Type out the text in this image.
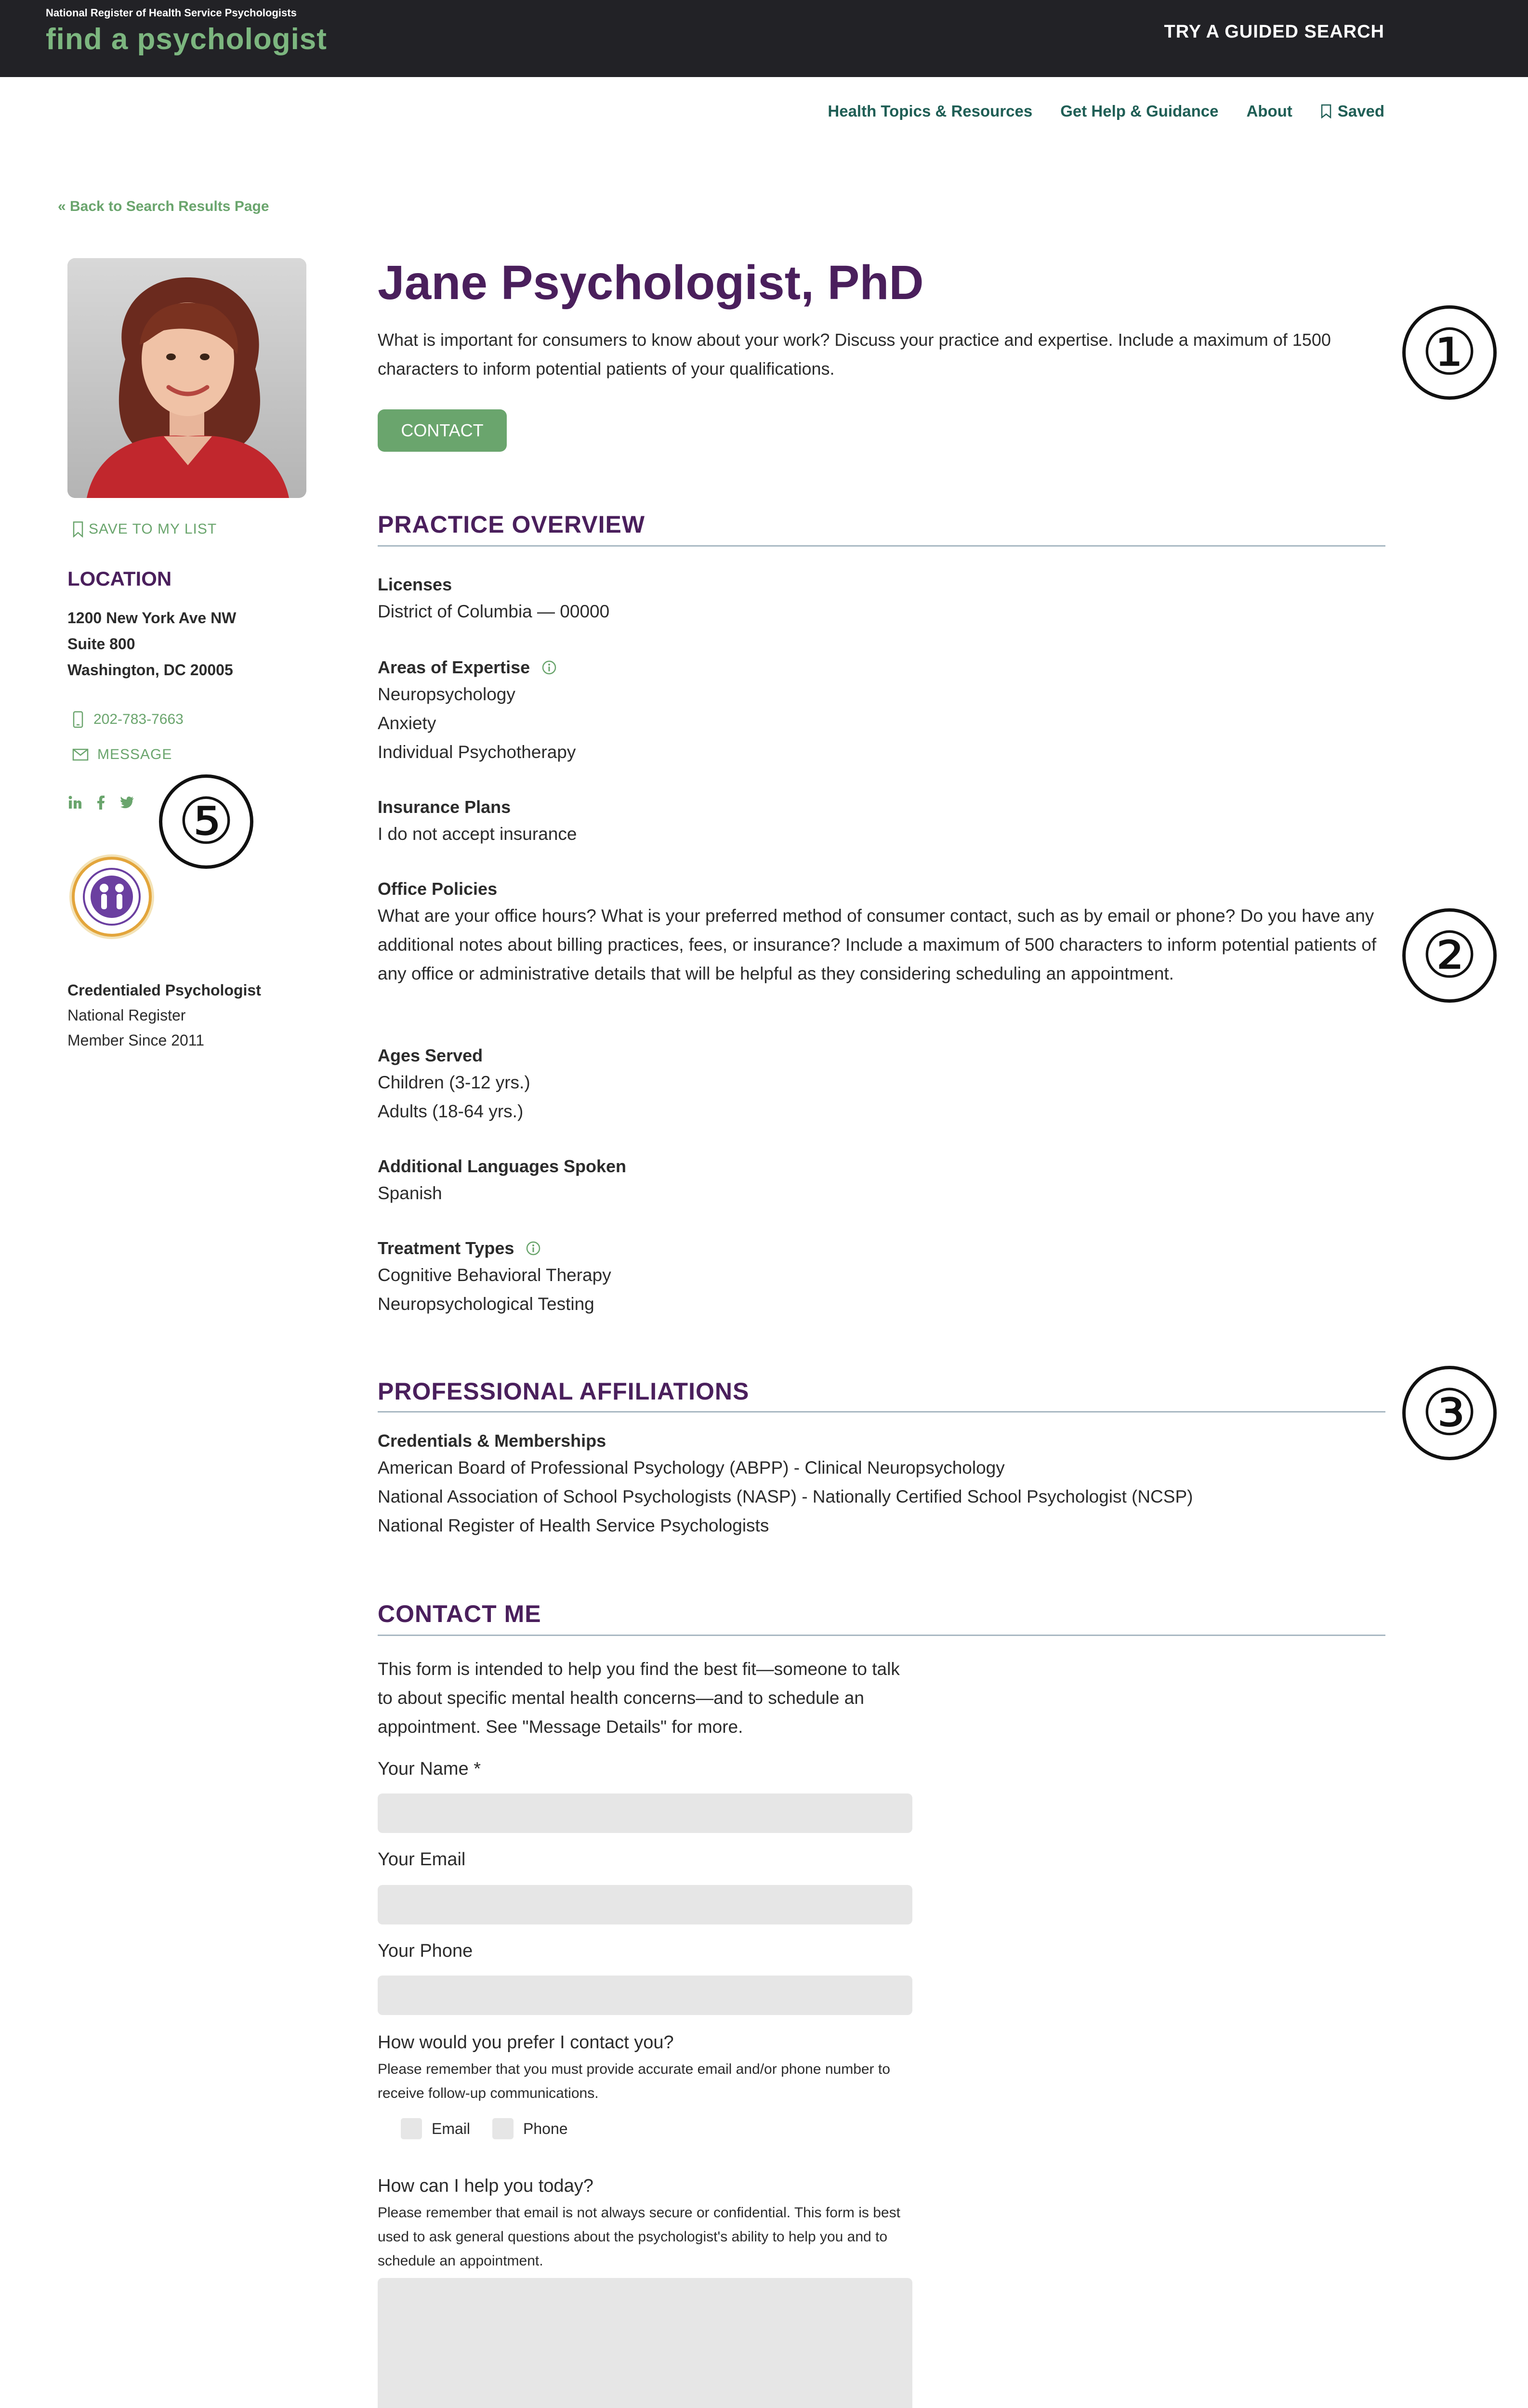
National Register of Health Service Psychologists
find a psychologist	TRY A GUIDED SEARCH
Health Topics & Resources Get Help & Guidance About	Saved
« Back to Search Results Page
SAVE TO MY LIST
LOCATION
1200 New York Ave NW
Suite 800
Washington, DC 20005
202-783-7663
MESSAGE
Credentialed Psychologist
National Register
Member Since 2011
Jane Psychologist, PhD
What is important for consumers to know about your work? Discuss your practice and expertise. Include a maximum of 1500 characters to inform potential patients of your qualifications.
CONTACT
PRACTICE OVERVIEW
Licenses
District of Columbia — 00000
Areas of Expertise
Neuropsychology
Anxiety
Individual Psychotherapy
Insurance Plans
I do not accept insurance
Office Policies
What are your office hours? What is your preferred method of consumer contact, such as by email or phone? Do you have any additional notes about billing practices, fees, or insurance? Include a maximum of 500 characters to inform potential patients of any office or administrative details that will be helpful as they considering scheduling an appointment.
Ages Served
Children (3-12 yrs.)
Adults (18-64 yrs.)
Additional Languages Spoken
Spanish
Treatment Types
Cognitive Behavioral Therapy
Neuropsychological Testing
PROFESSIONAL AFFILIATIONS
Credentials & Memberships
American Board of Professional Psychology (ABPP) - Clinical Neuropsychology
National Association of School Psychologists (NASP) - Nationally Certified School Psychologist (NCSP)
National Register of Health Service Psychologists
CONTACT ME
This form is intended to help you find the best fit—someone to talk to about specific mental health concerns—and to schedule an appointment. See "Message Details" for more.
Your Name *
Your Email
Your Phone
How would you prefer I contact you?
Please remember that you must provide accurate email and/or phone number to receive follow-up communications.
Email	Phone
How can I help you today?
Please remember that email is not always secure or confidential. This form is best used to ask general questions about the psychologist's ability to help you and to schedule an appointment.
①
②
③
⑤
